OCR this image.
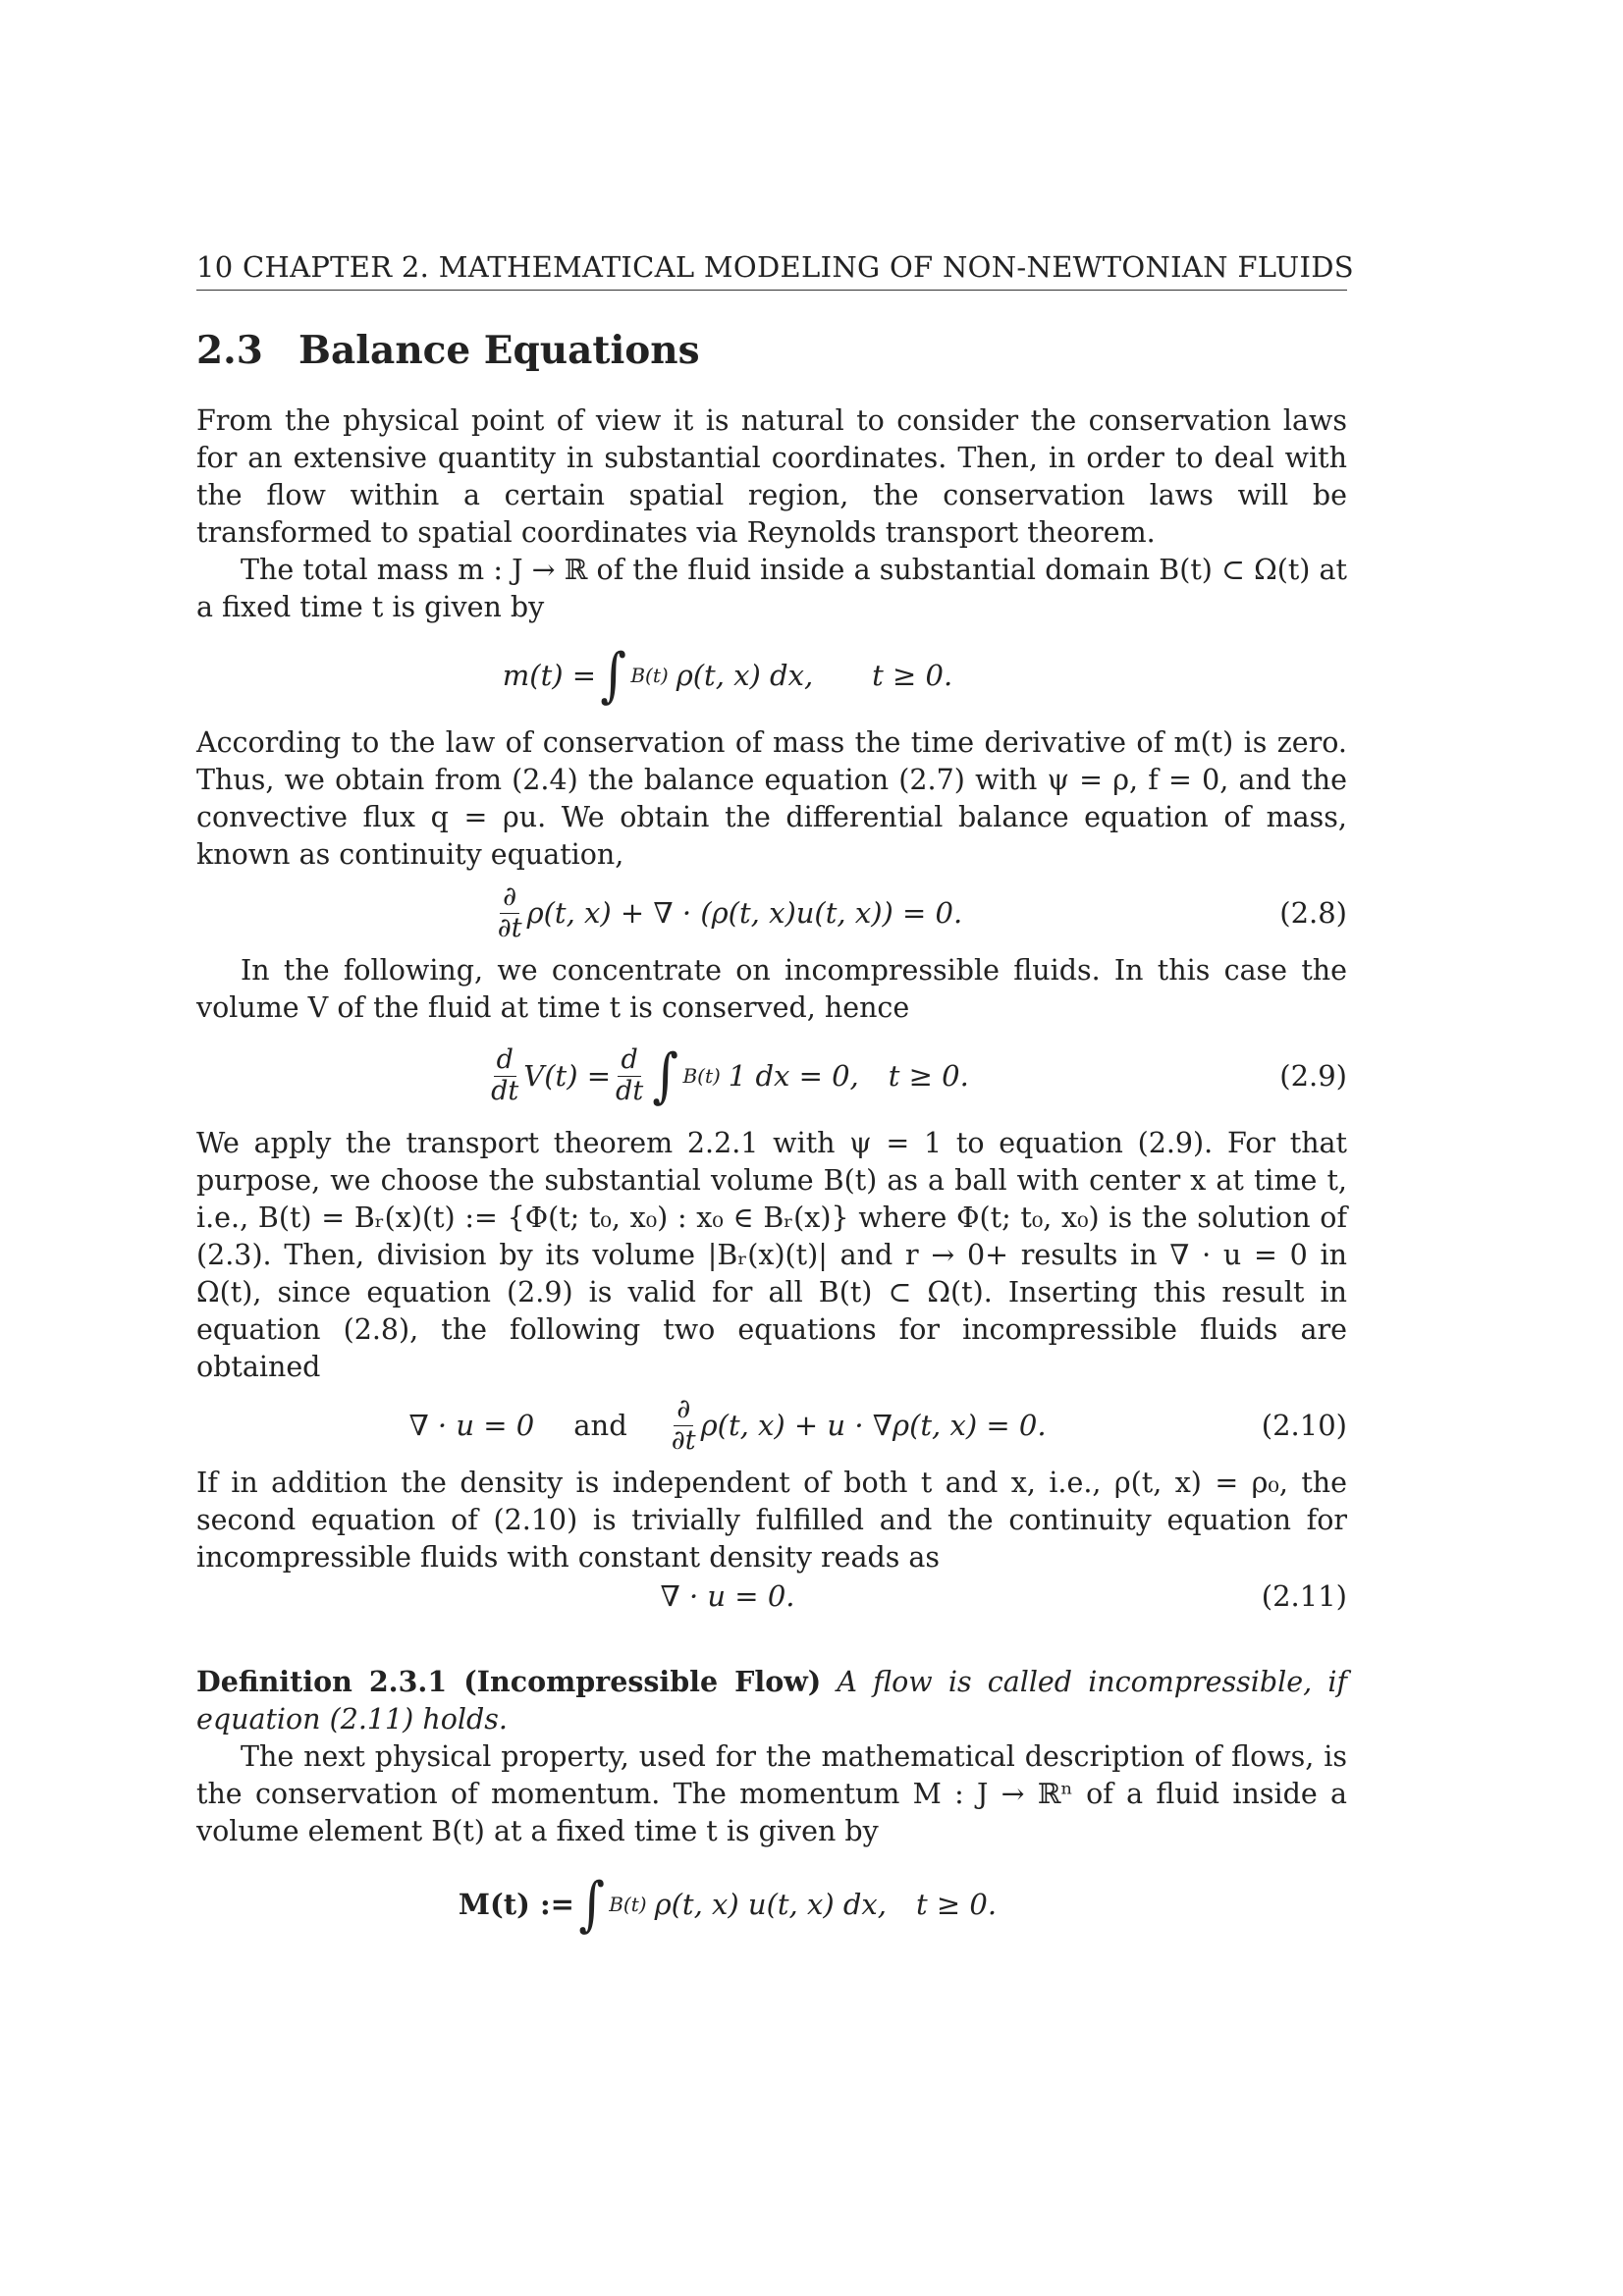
10 CHAPTER 2. MATHEMATICAL MODELING OF NON-NEWTONIAN FLUIDS
2.3 Balance Equations

From the physical point of view it is natural to consider the conservation laws for an extensive quantity in substantial coordinates. Then, in order to deal with the flow within a certain spatial region, the conservation laws will be transformed to spatial coordinates via Reynolds transport theorem.

The total mass m : J → ℝ of the fluid inside a substantial domain B(t) ⊂ Ω(t) at a fixed time t is given by

m(t) = ∫ B(t) ρ(t, x) dx, t ≥ 0.

According to the law of conservation of mass the time derivative of m(t) is zero. Thus, we obtain from (2.4) the balance equation (2.7) with ψ = ρ, f = 0, and the convective flux q = ρu. We obtain the differential balance equation of mass, known as continuity equation,

$\frac{\partial}{\partial t} \rho(t$, x) + ∇ · (ρ(t, x)u(t, x)) = 0.	(2.8)

In the following, we concentrate on incompressible fluids. In this case the volume V of the fluid at time t is conserved, hence

$\frac{d}{dt} V(t) = \frac{d}{dt}$ ∫ B(t) 1 dx = 0, t ≥ 0.	(2.9)

We apply the transport theorem 2.2.1 with ψ = 1 to equation (2.9). For that purpose, we choose the substantial volume B(t) as a ball with center x at time t, i.e., B(t) = Bᵣ(x)(t) := {Φ(t; t₀, x₀) : x₀ ∈ Bᵣ(x)} where Φ(t; t₀, x₀) is the solution of (2.3). Then, division by its volume |Bᵣ(x)(t)| and r → 0+ results in ∇ · u = 0 in Ω(t), since equation (2.9) is valid for all B(t) ⊂ Ω(t). Inserting this result in equation (2.8), the following two equations for incompressible fluids are obtained

∇ · u = 0 and $\frac{\partial}{\partial t} \rho(t$, x) + u · ∇ρ(t, x) = 0.	(2.10)

If in addition the density is independent of both t and x, i.e., ρ(t, x) = ρ₀, the second equation of (2.10) is trivially fulfilled and the continuity equation for incompressible fluids with constant density reads as

∇ · u = 0.	(2.11)

Definition 2.3.1 (Incompressible Flow) A flow is called incompressible, if equation (2.11) holds.

The next physical property, used for the mathematical description of flows, is the conservation of momentum. The momentum M : J → ℝⁿ of a fluid inside a volume element B(t) at a fixed time t is given by

M(t) := ∫ B(t) ρ(t, x) u(t, x) dx, t ≥ 0.
